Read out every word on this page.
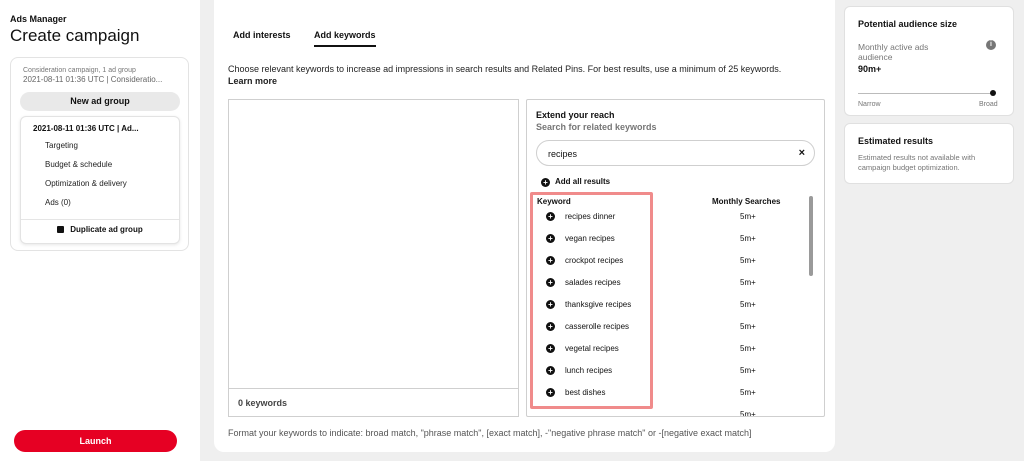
Ads Manager
Create campaign
Consideration campaign, 1 ad group
2021-08-11 01:36 UTC | Consideratio...
New ad group
2021-08-11 01:36 UTC | Ad...
Targeting
Budget & schedule
Optimization & delivery
Ads (0)
Duplicate ad group
Launch
Add interests	Add keywords
Choose relevant keywords to increase ad impressions in search results and Related Pins. For best results, use a minimum of 25 keywords. Learn more
0 keywords
Extend your reach
Search for related keywords
recipes	×
+ Add all results
Keyword	Monthly Searches
+ recipes dinner	5m+
+ vegan recipes	5m+
+ crockpot recipes	5m+
+ salades recipes	5m+
+ thanksgive recipes	5m+
+ casserolle recipes	5m+
+ vegetal recipes	5m+
+ lunch recipes	5m+
+ best dishes	5m+
5m+
Format your keywords to indicate: broad match, "phrase match", [exact match], -"negative phrase match" or -[negative exact match]
Potential audience size
Monthly active ads audience
i
90m+
Narrow	Broad
Estimated results
Estimated results not available with campaign budget optimization.
